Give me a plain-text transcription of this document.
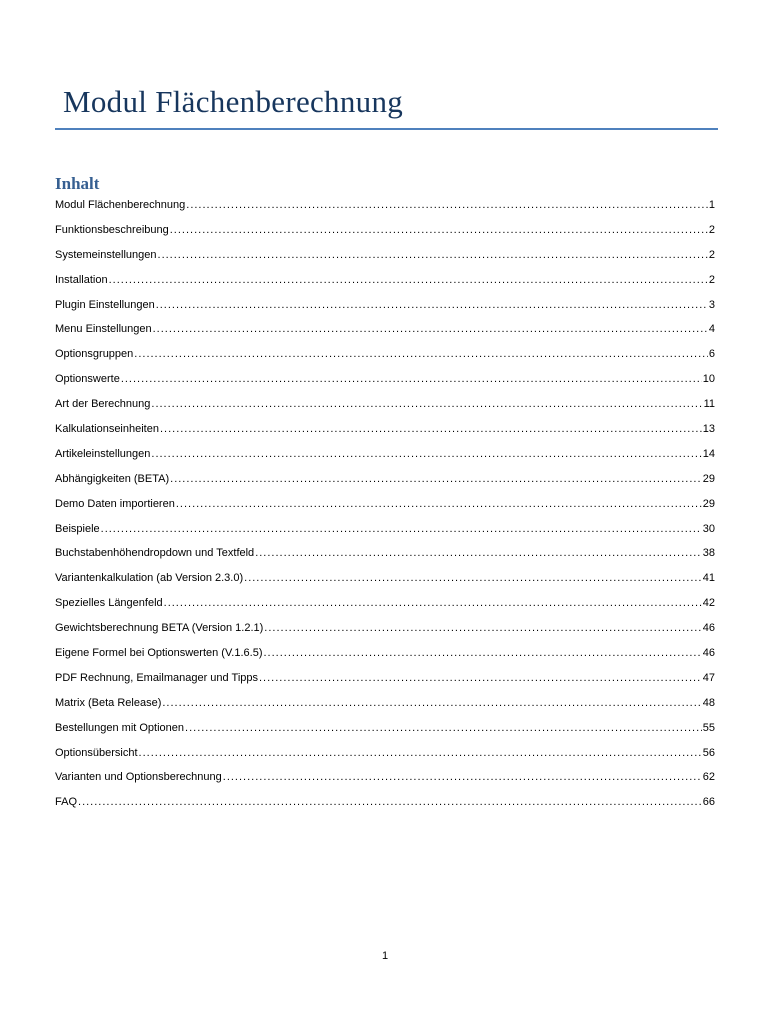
Modul Flächenberechnung
Inhalt
Modul Flächenberechnung .....	1
Funktionsbeschreibung .....	2
Systemeinstellungen .....	2
Installation .....	2
Plugin Einstellungen .....	3
Menu Einstellungen .....	4
Optionsgruppen .....	6
Optionswerte .....	10
Art der Berechnung .....	11
Kalkulationseinheiten .....	13
Artikeleinstellungen .....	14
Abhängigkeiten (BETA) .....	29
Demo Daten importieren .....	29
Beispiele .....	30
Buchstabenhöhendropdown und Textfeld .....	38
Variantenkalkulation (ab Version 2.3.0) .....	41
Spezielles Längenfeld .....	42
Gewichtsberechnung BETA (Version 1.2.1) .....	46
Eigene Formel bei Optionswerten (V.1.6.5) .....	46
PDF Rechnung, Emailmanager und Tipps .....	47
Matrix (Beta Release) .....	48
Bestellungen mit Optionen .....	55
Optionsübersicht .....	56
Varianten und Optionsberechnung .....	62
FAQ .....	66
1
